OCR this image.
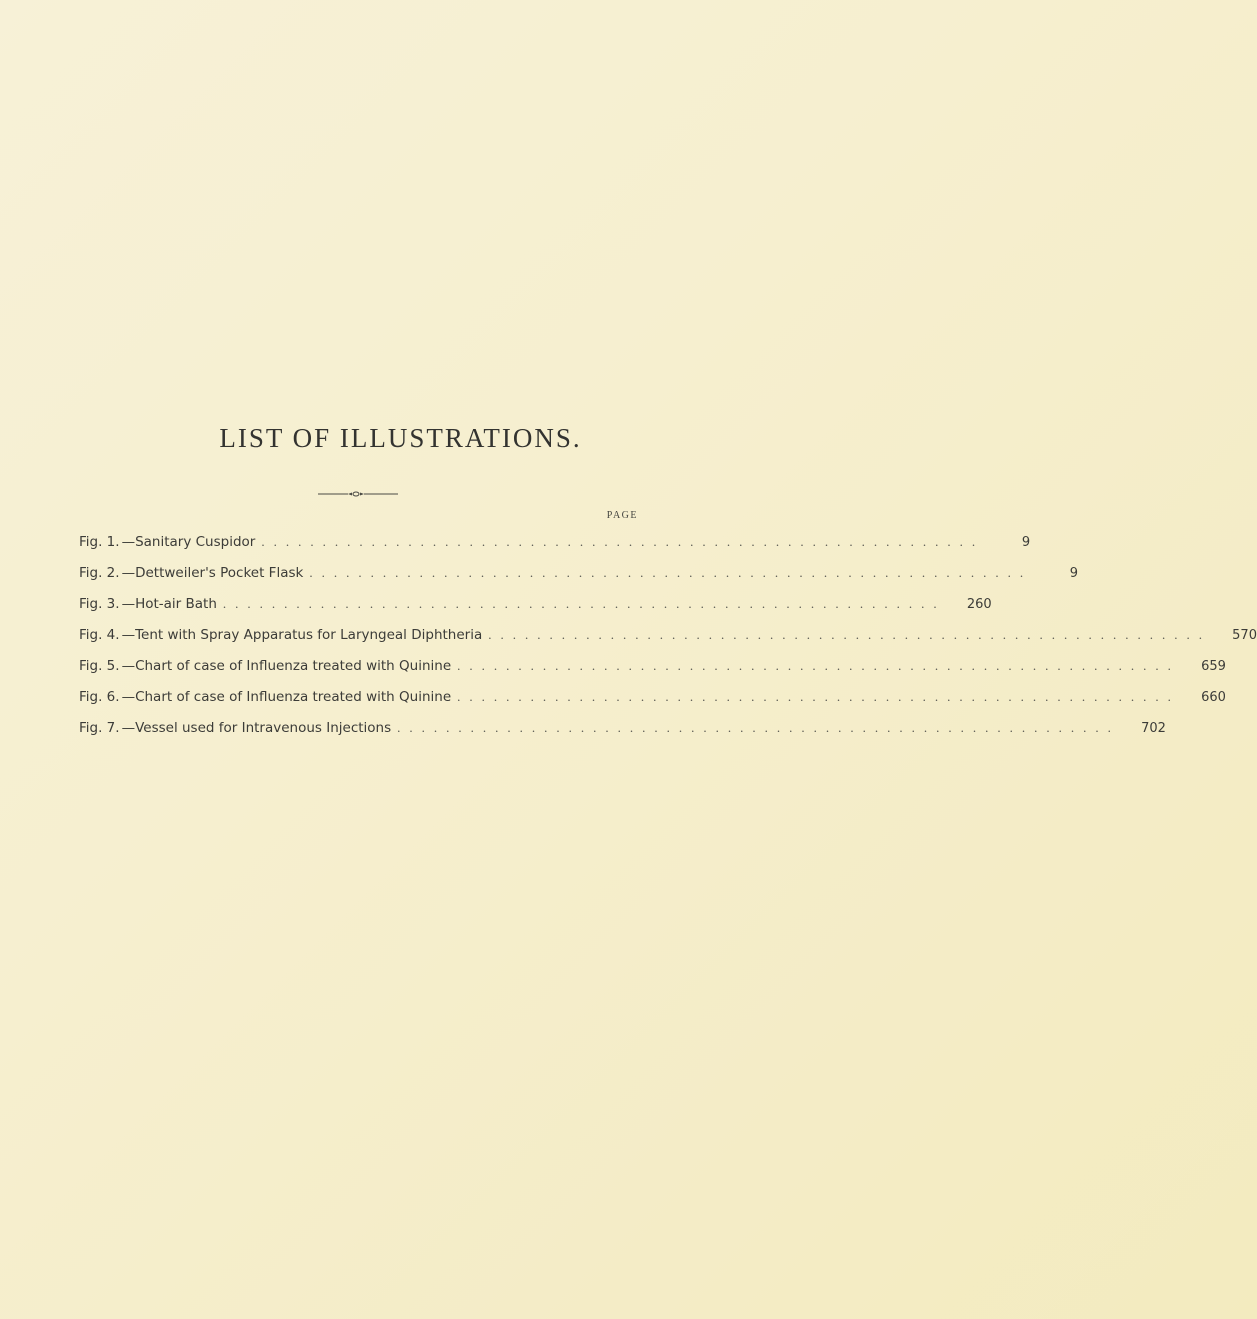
LIST OF ILLUSTRATIONS.
PAGE
Fig. 1. —Sanitary Cuspidor ...........................................................	9
Fig. 2. —Dettweiler's Pocket Flask ...........................................................	9
Fig. 3. —Hot-air Bath ...........................................................	260
Fig. 4. —Tent with Spray Apparatus for Laryngeal Diphtheria ...........................................................	570
Fig. 5. —Chart of case of Influenza treated with Quinine ...........................................................	659
Fig. 6. —Chart of case of Influenza treated with Quinine ...........................................................	660
Fig. 7. —Vessel used for Intravenous Injections ...........................................................	702
